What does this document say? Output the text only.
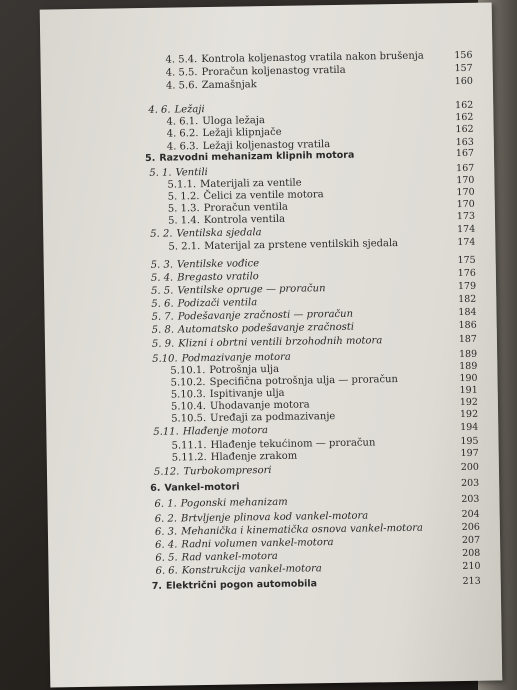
4. 5.4. Kontrola koljenastog vratila nakon brušenja	156
4. 5.5. Proračun koljenastog vratila	157
4. 5.6. Zamašnjak	160
4. 6. Ležaji	162
4. 6.1. Uloga ležaja	162
4. 6.2. Ležaji klipnjače	162
4. 6.3. Ležaji koljenastog vratila	163
5. Razvodni mehanizam klipnih motora	167
5. 1. Ventili	167
5.1.1. Materijali za ventile	170
5. 1.2. Čelici za ventile motora	170
5. 1.3. Proračun ventila	170
5. 1.4. Kontrola ventila	173
5. 2. Ventilska sjedala	174
5. 2.1. Materijal za prstene ventilskih sjedala	174
5. 3. Ventilske vođice	175
5. 4. Bregasto vratilo	176
5. 5. Ventilske opruge — proračun	179
5. 6. Podizači ventila	182
5. 7. Podešavanje zračnosti — proračun	184
5. 8. Automatsko podešavanje zračnosti	186
5. 9. Klizni i obrtni ventili brzohodnih motora	187
5.10. Podmazivanje motora	189
5.10.1. Potrošnja ulja	189
5.10.2. Specifična potrošnja ulja — proračun	190
5.10.3. Ispitivanje ulja	191
5.10.4. Uhodavanje motora	192
5.10.5. Uređaji za podmazivanje	192
5.11. Hlađenje motora	194
5.11.1. Hlađenje tekućinom — proračun	195
5.11.2. Hlađenje zrakom	197
5.12. Turbokompresori	200
6. Vankel-motori	203
6. 1. Pogonski mehanizam	203
6. 2. Brtvljenje plinova kod vankel-motora	204
6. 3. Mehanička i kinematička osnova vankel-motora	206
6. 4. Radni volumen vankel-motora	207
6. 5. Rad vankel-motora	208
6. 6. Konstrukcija vankel-motora	210
7. Električni pogon automobila	213
